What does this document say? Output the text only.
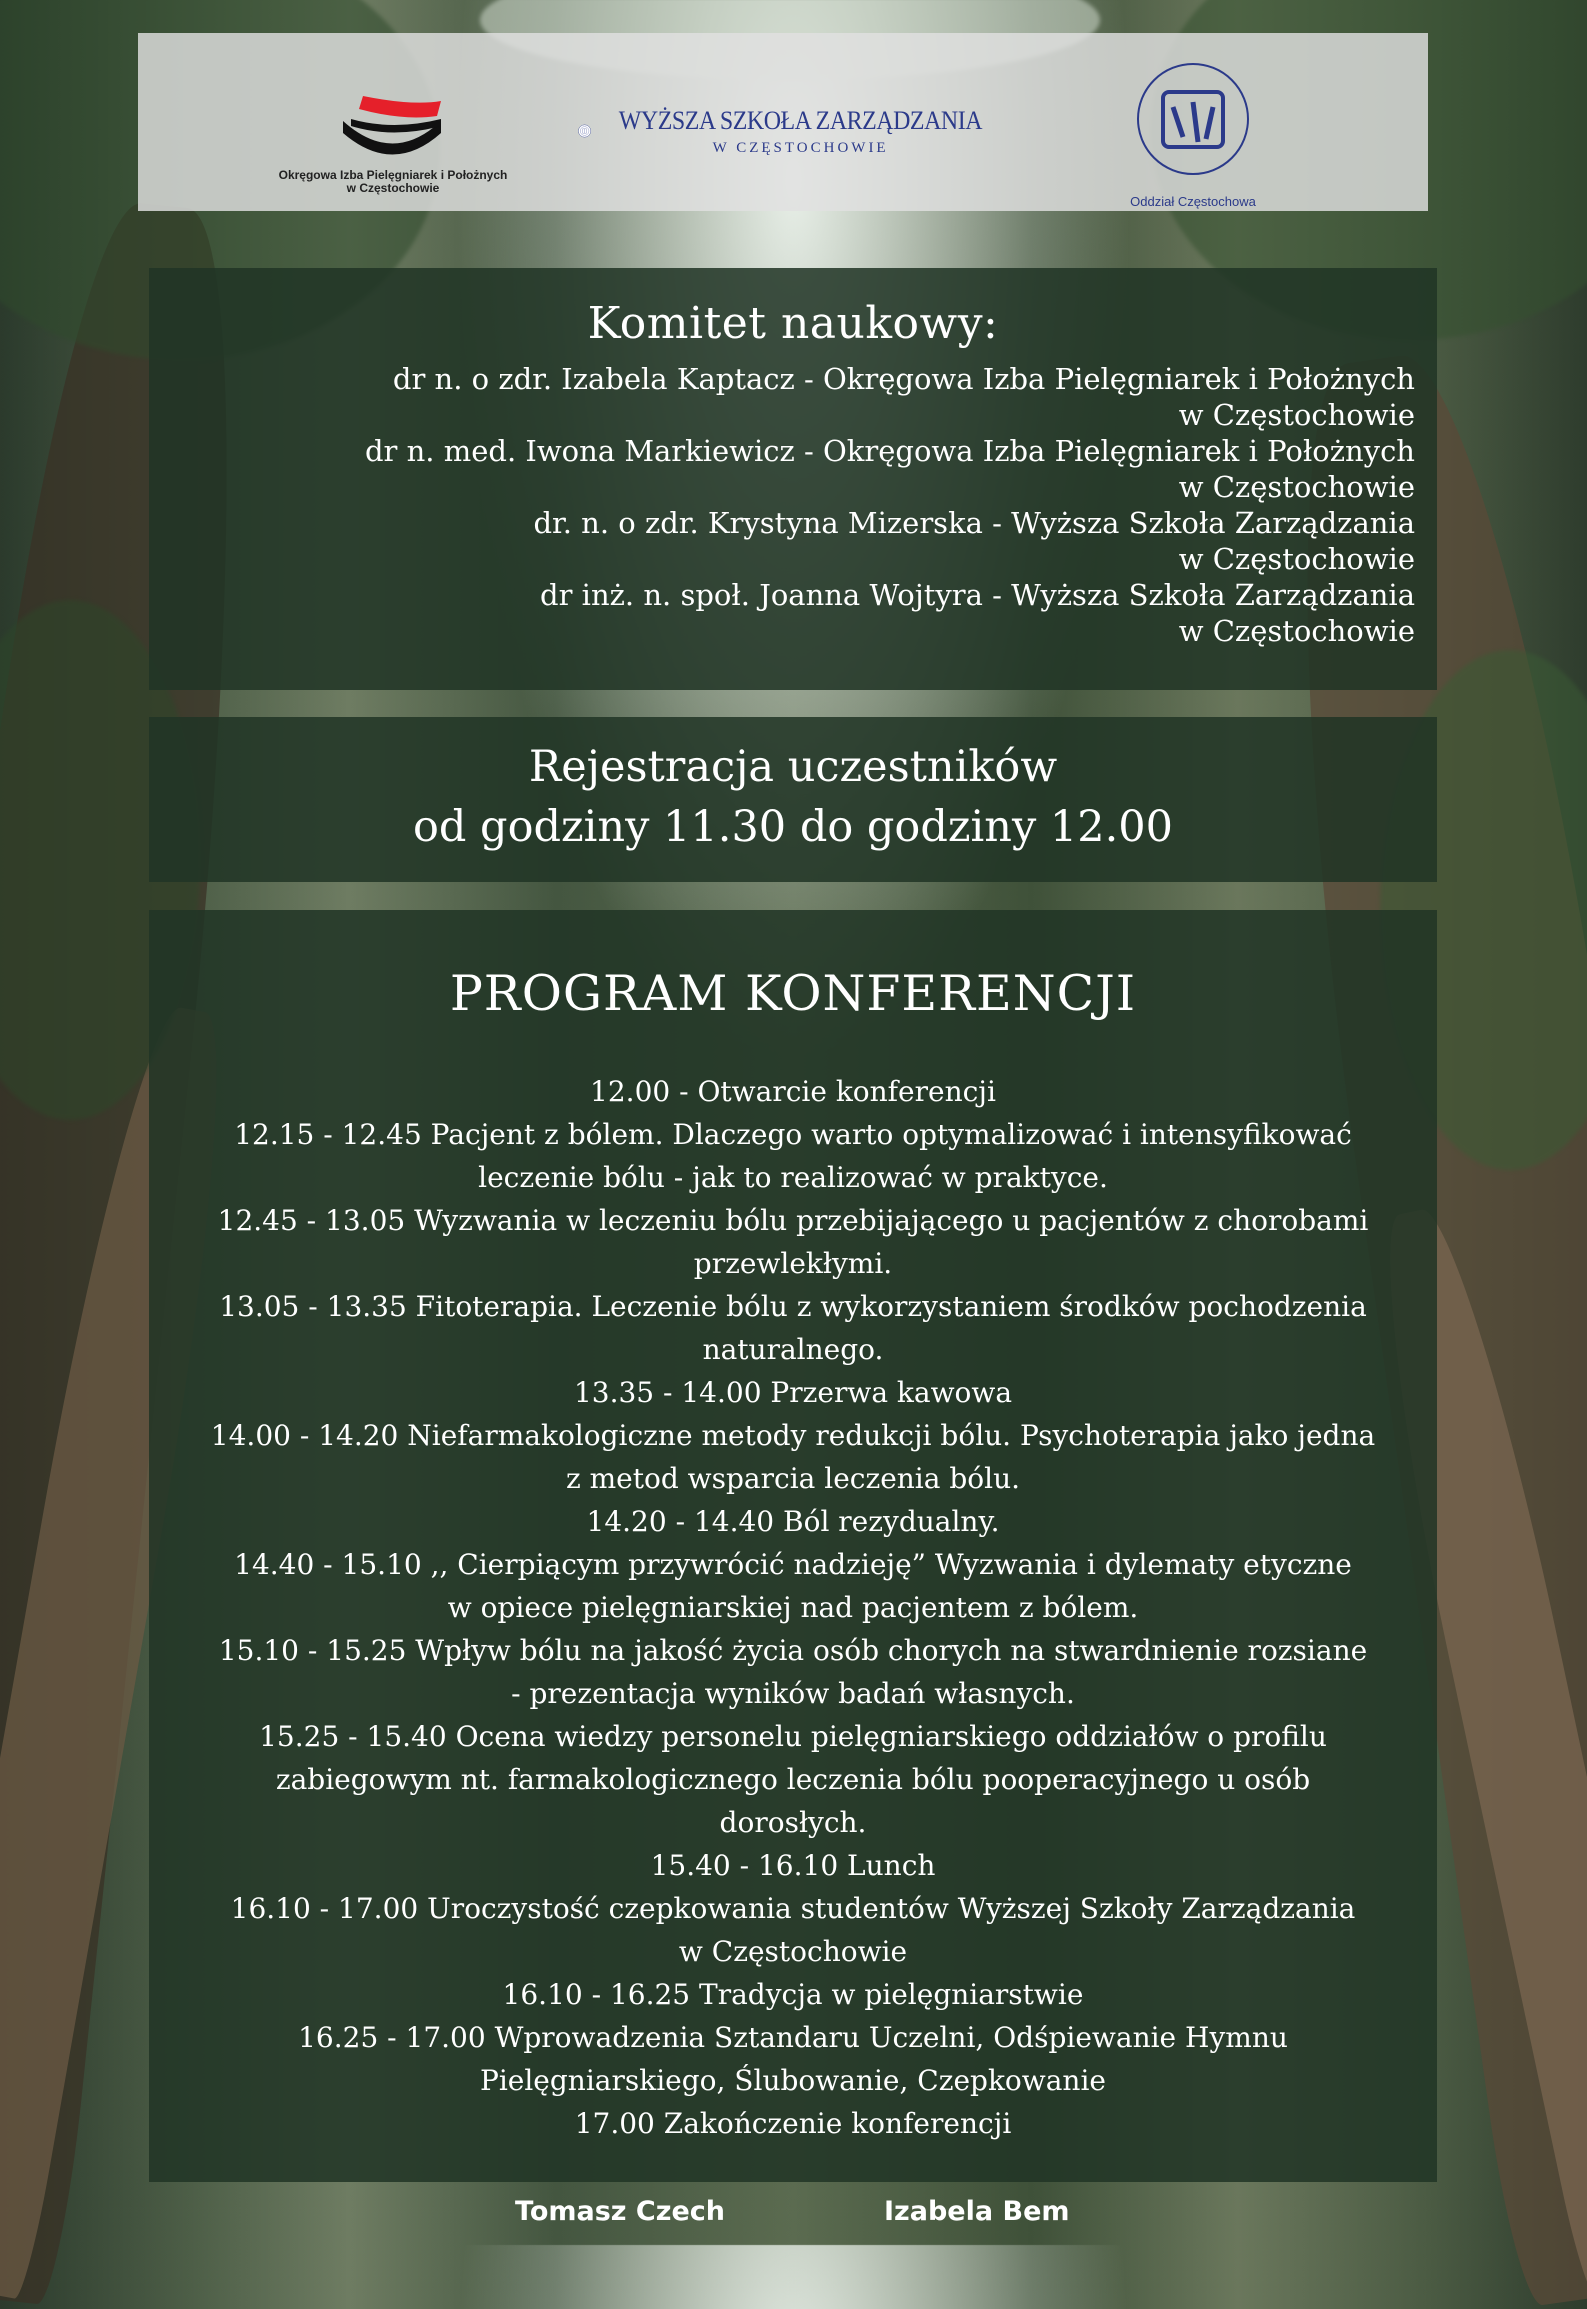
Okręgowa Izba Pielęgniarek i Położnych
w Częstochowie
WYŻSZA SZKOŁA ZARZĄDZANIA
W CZĘSTOCHOWIE
Oddział Częstochowa
Komitet naukowy:
dr n. o zdr. Izabela Kaptacz - Okręgowa Izba Pielęgniarek i Położnych
w Częstochowie
dr n. med. Iwona Markiewicz - Okręgowa Izba Pielęgniarek i Położnych
w Częstochowie
dr. n. o zdr. Krystyna Mizerska - Wyższa Szkoła Zarządzania
w Częstochowie
dr inż. n. społ. Joanna Wojtyra - Wyższa Szkoła Zarządzania
w Częstochowie
Rejestracja uczestników
od godziny 11.30 do godziny 12.00
PROGRAM KONFERENCJI
12.00 - Otwarcie konferencji
12.15 - 12.45 Pacjent z bólem. Dlaczego warto optymalizować i intensyfikować
leczenie bólu - jak to realizować w praktyce.
12.45 - 13.05 Wyzwania w leczeniu bólu przebijającego u pacjentów z chorobami
przewlekłymi.
13.05 - 13.35 Fitoterapia. Leczenie bólu z wykorzystaniem środków pochodzenia
naturalnego.
13.35 - 14.00 Przerwa kawowa
14.00 - 14.20 Niefarmakologiczne metody redukcji bólu. Psychoterapia jako jedna
z metod wsparcia leczenia bólu.
14.20 - 14.40 Ból rezydualny.
14.40 - 15.10 ,, Cierpiącym przywrócić nadzieję” Wyzwania i dylematy etyczne
w opiece pielęgniarskiej nad pacjentem z bólem.
15.10 - 15.25 Wpływ bólu na jakość życia osób chorych na stwardnienie rozsiane
- prezentacja wyników badań własnych.
15.25 - 15.40 Ocena wiedzy personelu pielęgniarskiego oddziałów o profilu
zabiegowym nt. farmakologicznego leczenia bólu pooperacyjnego u osób
dorosłych.
15.40 - 16.10 Lunch
16.10 - 17.00 Uroczystość czepkowania studentów Wyższej Szkoły Zarządzania
w Częstochowie
16.10 - 16.25 Tradycja w pielęgniarstwie
16.25 - 17.00 Wprowadzenia Sztandaru Uczelni, Odśpiewanie Hymnu
Pielęgniarskiego, Ślubowanie, Czepkowanie
17.00 Zakończenie konferencji
Tomasz Czech	Izabela Bem
